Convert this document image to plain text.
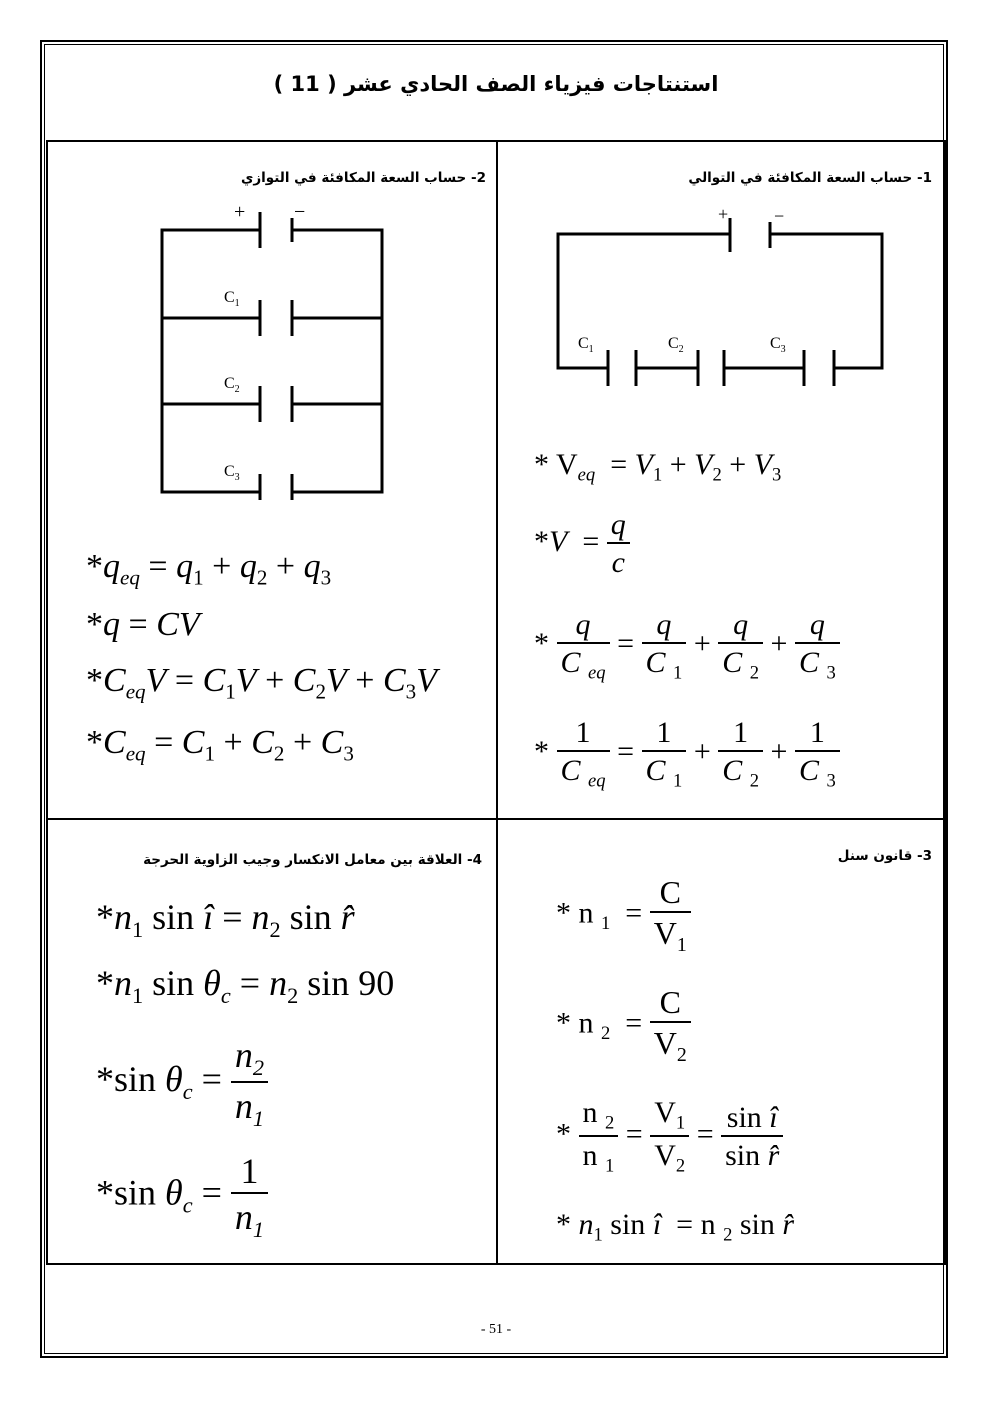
استنتاجات فيزياء الصف الحادي عشر ( 11 )
1- حساب السعة المكافئة في التوالي
2- حساب السعة المكافئة في التوازي
3- قانون سنل
4- العلاقة بين معامل الانكسار وجيب الزاوية الحرجة
+	−
$C_1$	$C_2$	$C_3$
+ −
$C_1$
$C_2$
$C_3$	* $V_{eq} = V_1 + V_2 + V_3$
$*V = \frac{q}{c}$
* $\frac{q}{C _{eq}} = \frac{q}{C _1} + \frac{q}{C _2} + \frac{q}{C _3}$
* $\frac{1}{C _{eq}} = \frac{1}{C _1} + \frac{1}{C _2} + \frac{1}{C _3}$
$*q_{eq} = q_1 + q_2 + q_3$
*q = CV
$*C_{eq}V = C_1V + C_2V + C_3V$
$*C_{eq} = C_1 + C_2 + C_3$
* n $_1 = \frac{C}{V_1}$
* n $_2 = \frac{C}{V_2}$
* $\frac{n _2}{n _1} = \frac{V_1}{V_2} = \frac{\text{sin î}}{\text{sin r̂}}$
* $n_1$ sin î  = n $_2$ sin r̂
$*n_1$ sin î = $n_2$ sin r̂
$*n_1$ $\sin \theta_c = n_2$ sin 90
*sin $\theta_c = \frac{n_2}{n_1}$
*sin $\theta_c = \frac{1}{n_1}$
- 51 -
